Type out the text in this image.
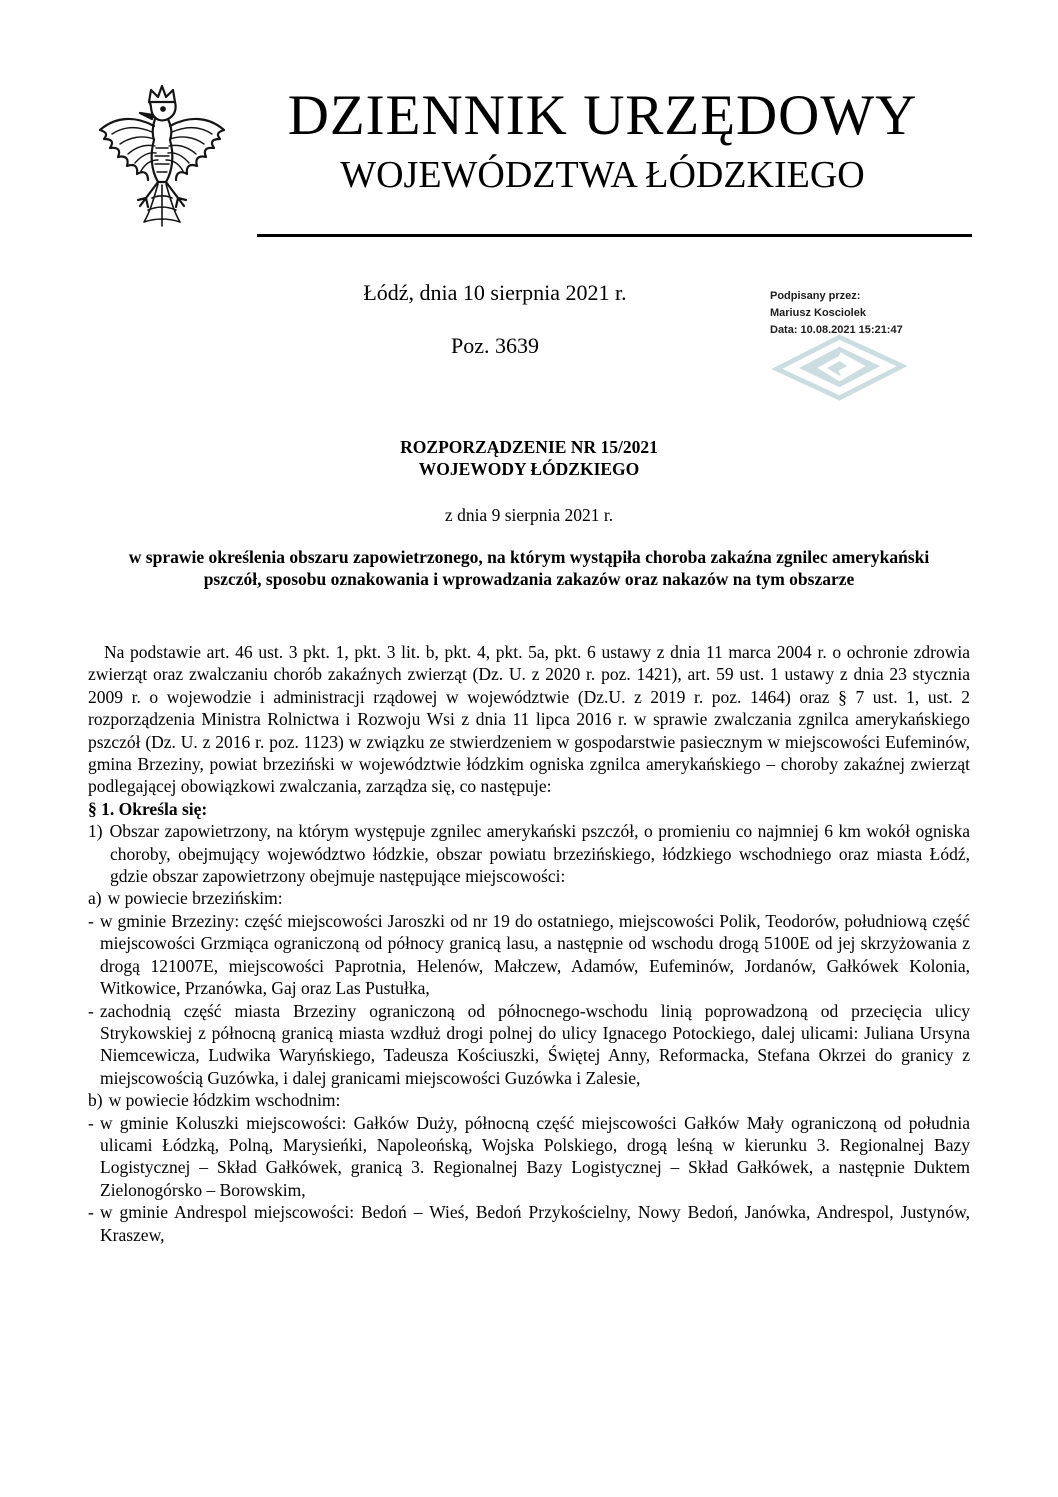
DZIENNIK URZĘDOWY
WOJEWÓDZTWA ŁÓDZKIEGO
Łódź, dnia 10 sierpnia 2021 r.
Poz. 3639
Podpisany przez:
Mariusz Kosciolek
Data: 10.08.2021 15:21:47
ROZPORZĄDZENIE NR 15/2021
WOJEWODY ŁÓDZKIEGO
z dnia 9 sierpnia 2021 r.
w sprawie określenia obszaru zapowietrzonego, na którym wystąpiła choroba zakaźna zgnilec amerykański pszczół, sposobu oznakowania i wprowadzania zakazów oraz nakazów na tym obszarze

Na podstawie art. 46 ust. 3 pkt. 1, pkt. 3 lit. b, pkt. 4, pkt. 5a, pkt. 6 ustawy z dnia 11 marca 2004 r. o ochronie zdrowia zwierząt oraz zwalczaniu chorób zakaźnych zwierząt (Dz. U. z 2020 r. poz. 1421), art. 59 ust. 1 ustawy z dnia 23 stycznia 2009 r. o wojewodzie i administracji rządowej w województwie (Dz.U. z 2019 r. poz. 1464) oraz § 7 ust. 1, ust. 2 rozporządzenia Ministra Rolnictwa i Rozwoju Wsi z dnia 11 lipca 2016 r. w sprawie zwalczania zgnilca amerykańskiego pszczół (Dz. U. z 2016 r. poz. 1123) w związku ze stwierdzeniem w gospodarstwie pasiecznym w miejscowości Eufeminów, gmina Brzeziny, powiat brzeziński w województwie łódzkim ogniska zgnilca amerykańskiego – choroby zakaźnej zwierząt podlegającej obowiązkowi zwalczania, zarządza się, co następuje:

§ 1. Określa się:

1) Obszar zapowietrzony, na którym występuje zgnilec amerykański pszczół, o promieniu co najmniej 6 km wokół ogniska choroby, obejmujący województwo łódzkie, obszar powiatu brzezińskiego, łódzkiego wschodniego oraz miasta Łódź, gdzie obszar zapowietrzony obejmuje następujące miejscowości:

a) w powiecie brzezińskim:

- w gminie Brzeziny: część miejscowości Jaroszki od nr 19 do ostatniego, miejscowości Polik, Teodorów, południową część miejscowości Grzmiąca ograniczoną od północy granicą lasu, a następnie od wschodu drogą 5100E od jej skrzyżowania z drogą 121007E, miejscowości Paprotnia, Helenów, Małczew, Adamów, Eufeminów, Jordanów, Gałkówek Kolonia, Witkowice, Przanówka, Gaj oraz Las Pustułka,

- zachodnią część miasta Brzeziny ograniczoną od północnego-wschodu linią poprowadzoną od przecięcia ulicy Strykowskiej z północną granicą miasta wzdłuż drogi polnej do ulicy Ignacego Potockiego, dalej ulicami: Juliana Ursyna Niemcewicza, Ludwika Waryńskiego, Tadeusza Kościuszki, Świętej Anny, Reformacka, Stefana Okrzei do granicy z miejscowością Guzówka, i dalej granicami miejscowości Guzówka i Zalesie,

b) w powiecie łódzkim wschodnim:

- w gminie Koluszki miejscowości: Gałków Duży, północną część miejscowości Gałków Mały ograniczoną od południa ulicami Łódzką, Polną, Marysieńki, Napoleońską, Wojska Polskiego, drogą leśną w kierunku 3. Regionalnej Bazy Logistycznej – Skład Gałkówek, granicą 3. Regionalnej Bazy Logistycznej – Skład Gałkówek, a następnie Duktem Zielonogórsko – Borowskim,

- w gminie Andrespol miejscowości: Bedoń – Wieś, Bedoń Przykościelny, Nowy Bedoń, Janówka, Andrespol, Justynów, Kraszew,
